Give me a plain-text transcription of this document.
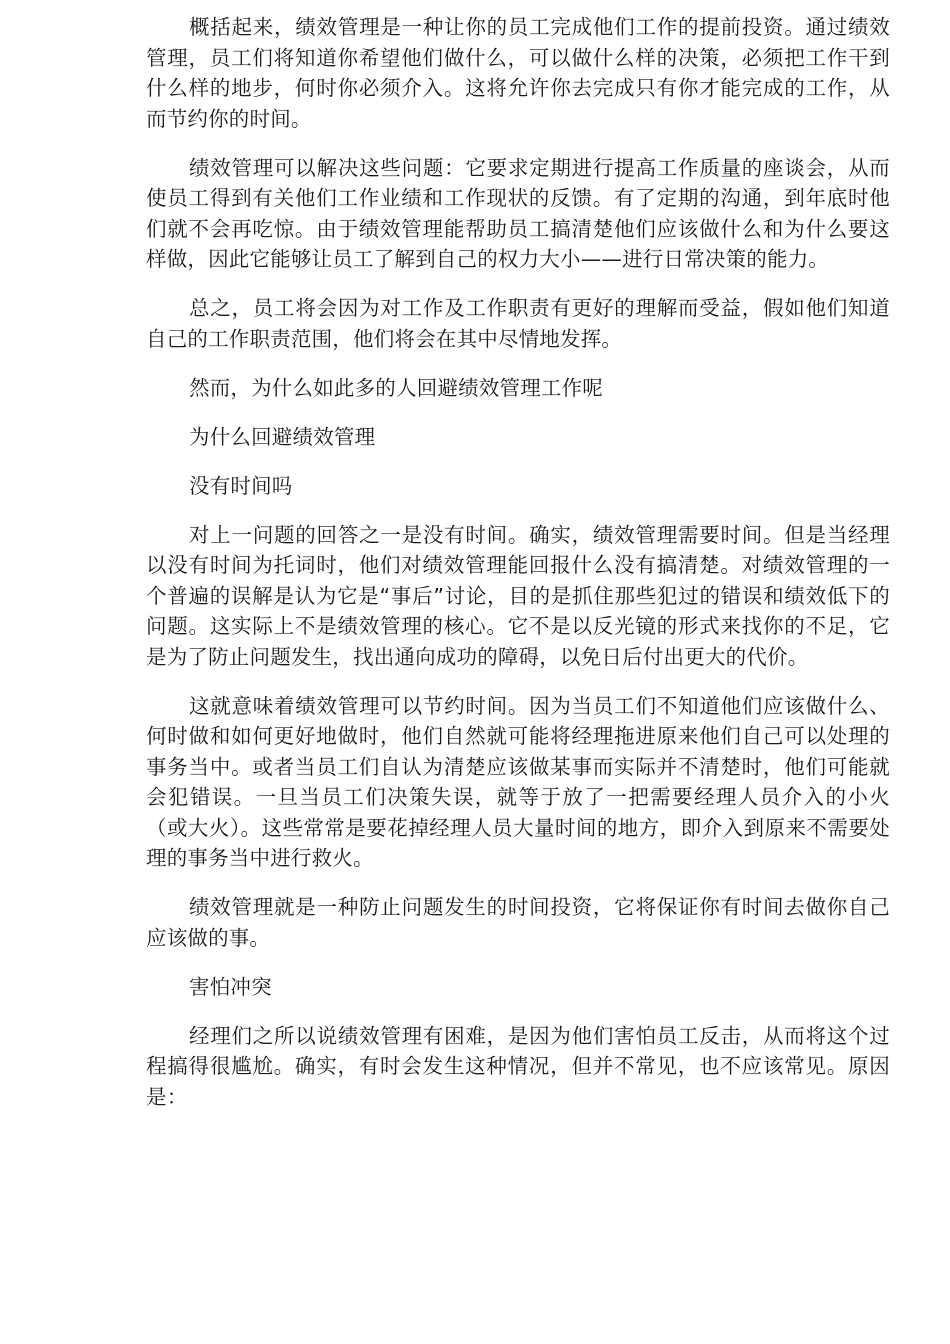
概括起来，绩效管理是一种让你的员工完成他们工作的提前投资。通过绩效管理，员工们将知道你希望他们做什么，可以做什么样的决策，必须把工作干到什么样的地步，何时你必须介入。这将允许你去完成只有你才能完成的工作，从而节约你的时间。

绩效管理可以解决这些问题：它要求定期进行提高工作质量的座谈会，从而使员工得到有关他们工作业绩和工作现状的反馈。有了定期的沟通，到年底时他们就不会再吃惊。由于绩效管理能帮助员工搞清楚他们应该做什么和为什么要这样做，因此它能够让员工了解到自己的权力大小——进行日常决策的能力。

总之，员工将会因为对工作及工作职责有更好的理解而受益，假如他们知道自己的工作职责范围，他们将会在其中尽情地发挥。

然而，为什么如此多的人回避绩效管理工作呢

为什么回避绩效管理

没有时间吗

对上一问题的回答之一是没有时间。确实，绩效管理需要时间。但是当经理以没有时间为托词时，他们对绩效管理能回报什么没有搞清楚。对绩效管理的一个普遍的误解是认为它是“事后”讨论，目的是抓住那些犯过的错误和绩效低下的问题。这实际上不是绩效管理的核心。它不是以反光镜的形式来找你的不足，它是为了防止问题发生，找出通向成功的障碍，以免日后付出更大的代价。

这就意味着绩效管理可以节约时间。因为当员工们不知道他们应该做什么、何时做和如何更好地做时，他们自然就可能将经理拖进原来他们自己可以处理的事务当中。或者当员工们自认为清楚应该做某事而实际并不清楚时，他们可能就会犯错误。一旦当员工们决策失误，就等于放了一把需要经理人员介入的小火（或大火）。这些常常是要花掉经理人员大量时间的地方，即介入到原来不需要处理的事务当中进行救火。

绩效管理就是一种防止问题发生的时间投资，它将保证你有时间去做你自己应该做的事。

害怕冲突

经理们之所以说绩效管理有困难，是因为他们害怕员工反击，从而将这个过程搞得很尴尬。确实，有时会发生这种情况，但并不常见，也不应该常见。原因是：
